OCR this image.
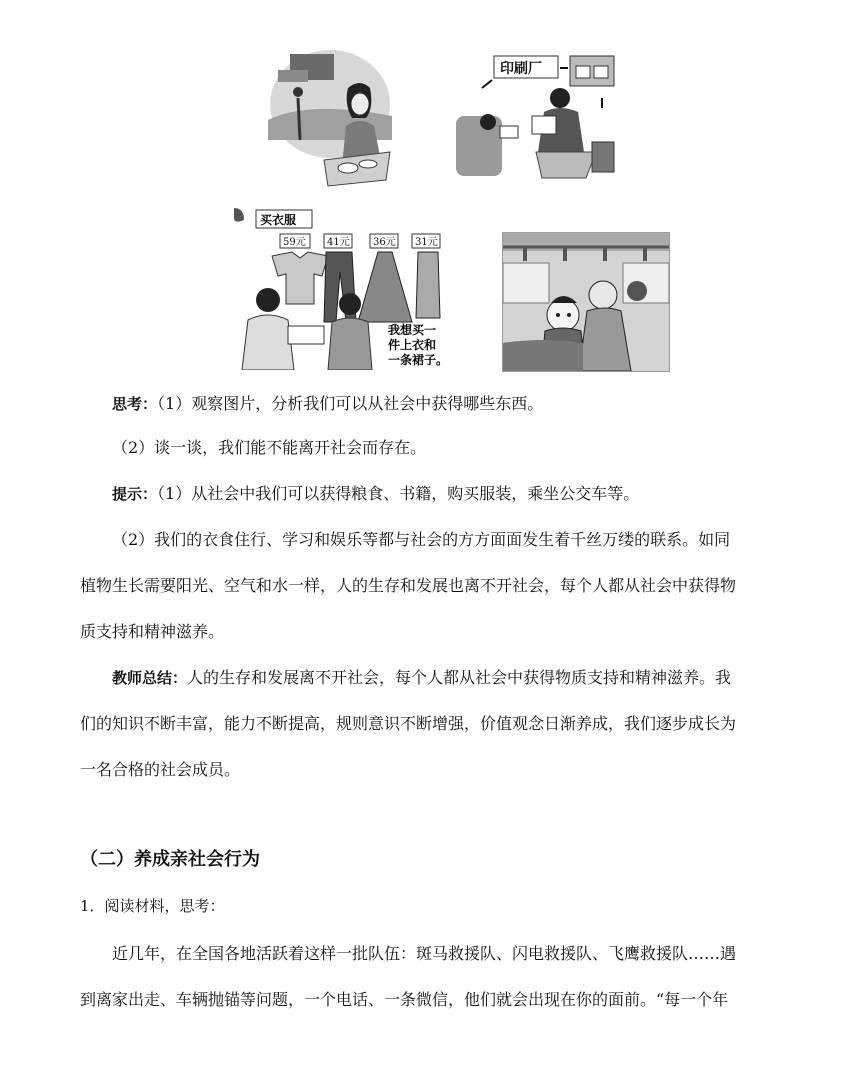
印刷厂
买衣服
59元 41元 36元 31元
我想买一
件上衣和
一条裙子。
思考：（1）观察图片，分析我们可以从社会中获得哪些东西。
（2）谈一谈，我们能不能离开社会而存在。
提示：（1）从社会中我们可以获得粮食、书籍，购买服装，乘坐公交车等。
（2）我们的衣食住行、学习和娱乐等都与社会的方方面面发生着千丝万缕的联系。如同
植物生长需要阳光、空气和水一样，人的生存和发展也离不开社会，每个人都从社会中获得物
质支持和精神滋养。
教师总结：人的生存和发展离不开社会，每个人都从社会中获得物质支持和精神滋养。我
们的知识不断丰富，能力不断提高，规则意识不断增强，价值观念日渐养成，我们逐步成长为
一名合格的社会成员。
（二）养成亲社会行为
1．阅读材料，思考：
近几年，在全国各地活跃着这样一批队伍：斑马救援队、闪电救援队、飞鹰救援队……遇
到离家出走、车辆抛锚等问题，一个电话、一条微信，他们就会出现在你的面前。“每一个年
